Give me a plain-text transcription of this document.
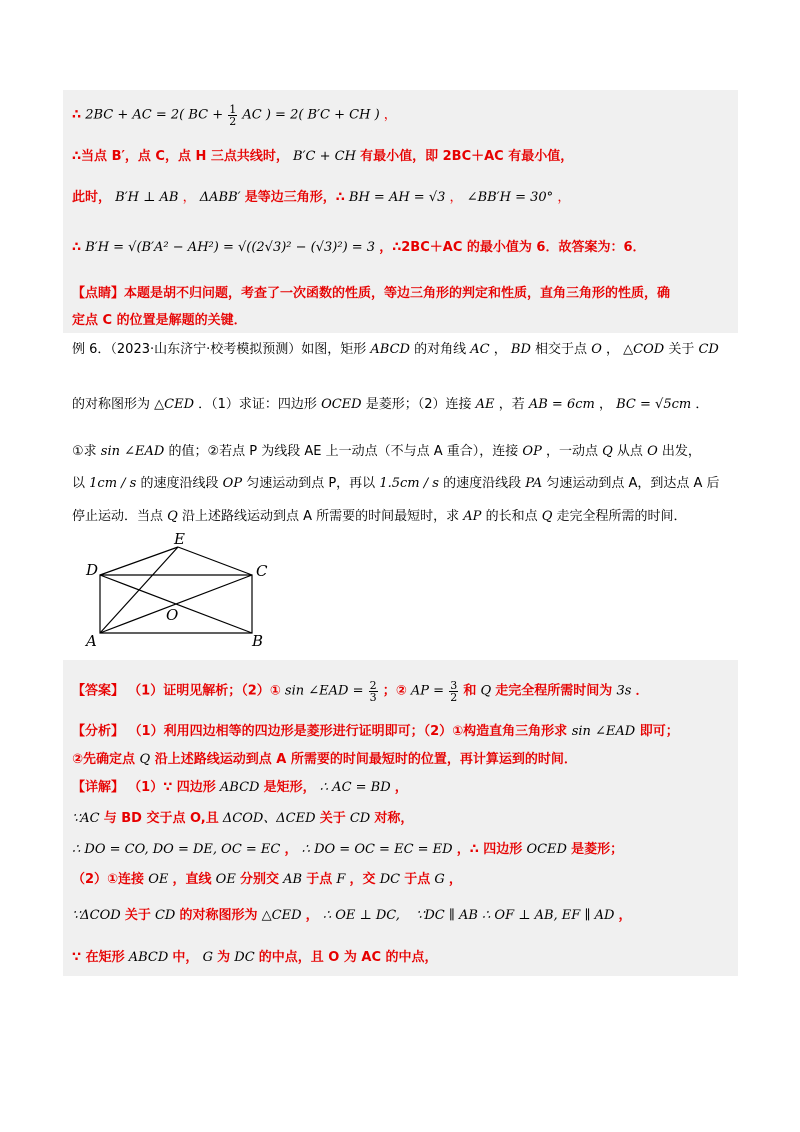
∴ 2BC + AC = 2( BC + $\frac{1}{2}$ AC ) = 2( B′C + CH ) ，
∴当点 B′，点 C，点 H 三点共线时， B′C + CH 有最小值，即 2BC＋AC 有最小值，
此时， B′H ⊥ AB ， ΔABB′ 是等边三角形，∴ BH = AH = √3 ， ∠BB′H = 30° ，
∴ B′H = √(B′A² − AH²) = √((2√3)² − (√3)²) = 3 ，∴2BC＋AC 的最小值为 6．故答案为：6．
【点睛】本题是胡不归问题，考查了一次函数的性质，等边三角形的判定和性质，直角三角形的性质，确
定点 C 的位置是解题的关键．
例 6．（2023·山东济宁·校考模拟预测）如图，矩形 ABCD 的对角线 AC ， BD 相交于点 O ， △COD 关于 CD
的对称图形为 △CED ．（1）求证：四边形 OCED 是菱形；（2）连接 AE ，若 AB = 6cm ， BC = √5cm ．
①求 sin ∠EAD 的值；②若点 P 为线段 AE 上一动点（不与点 A 重合），连接 OP ，一动点 Q 从点 O 出发，
以 1cm / s 的速度沿线段 OP 匀速运动到点 P，再以 1.5cm / s 的速度沿线段 PA 匀速运动到点 A，到达点 A 后
停止运动．当点 Q 沿上述路线运动到点 A 所需要的时间最短时，求 AP 的长和点 Q 走完全程所需的时间．
E
D	C
O
A	B
【答案】 （1）证明见解析；（2）① sin ∠EAD = $\frac{2}{3}$ ；② AP = $\frac{3}{2}$ 和 Q 走完全程所需时间为 3s ．
【分析】 （1）利用四边相等的四边形是菱形进行证明即可；（2）①构造直角三角形求 sin ∠EAD 即可；
②先确定点 Q 沿上述路线运动到点 A 所需要的时间最短时的位置，再计算运到的时间．
【详解】 （1）∵ 四边形 ABCD 是矩形， ∴ AC = BD ，
∵AC 与 BD 交于点 O,且 ΔCOD、ΔCED 关于 CD 对称，
∴ DO = CO, DO = DE, OC = EC ， ∴ DO = OC = EC = ED ，∴ 四边形 OCED 是菱形；
（2）①连接 OE ，直线 OE 分别交 AB 于点 F ，交 DC 于点 G ，
∵ΔCOD 关于 CD 的对称图形为 △CED ， ∴ OE ⊥ DC, ∵DC ∥ AB ∴ OF ⊥ AB, EF ∥ AD ，
∵ 在矩形 ABCD 中， G 为 DC 的中点，且 O 为 AC 的中点，
